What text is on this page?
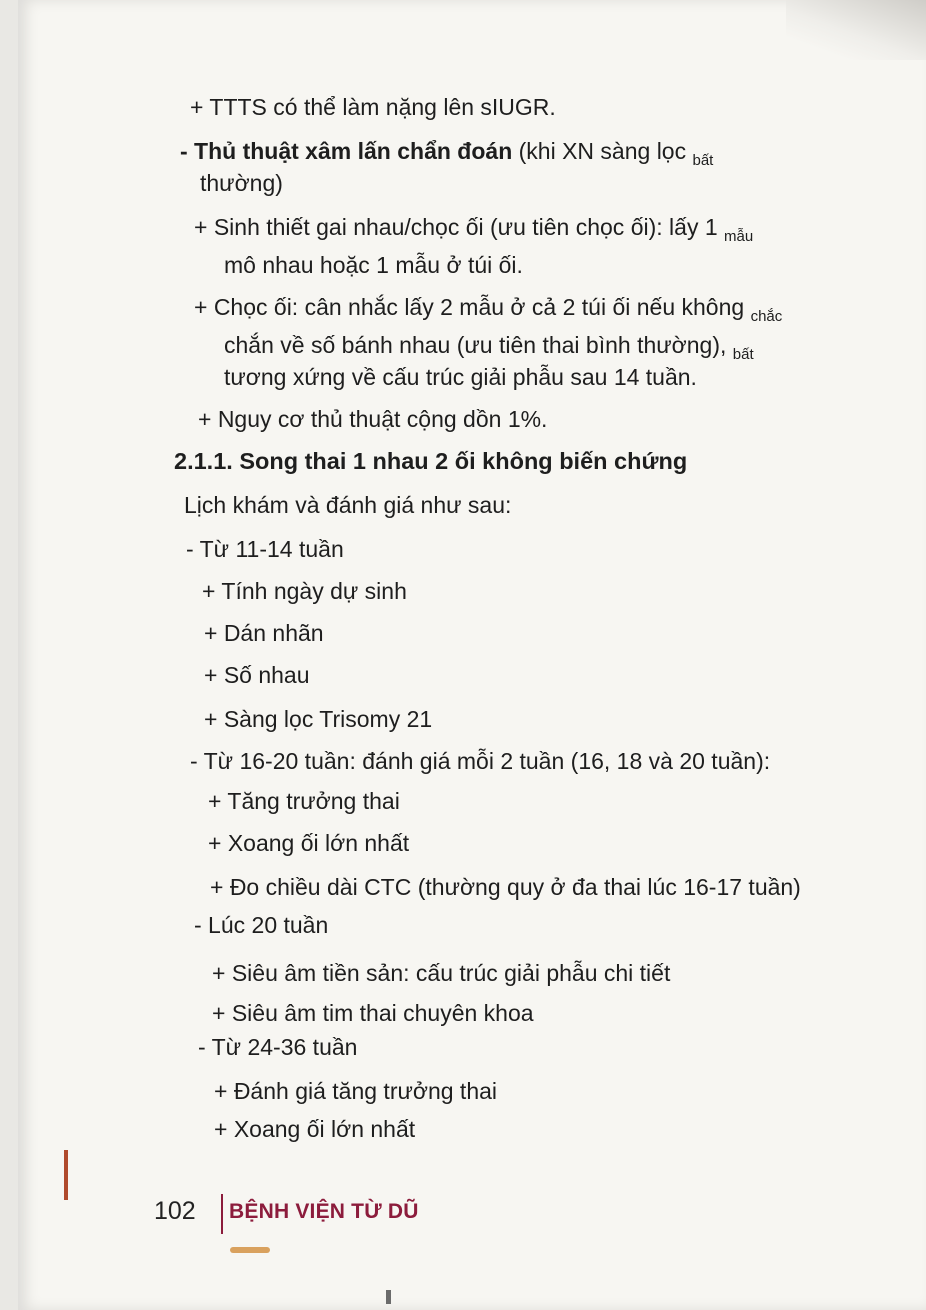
+ TTTS có thể làm nặng lên sIUGR.
- Thủ thuật xâm lấn chẩn đoán (khi XN sàng lọc $_{bất}$
thường)
+ Sinh thiết gai nhau/chọc ối (ưu tiên chọc ối): lấy 1 $_{mẫu}$
mô nhau hoặc 1 mẫu ở túi ối.
+ Chọc ối: cân nhắc lấy 2 mẫu ở cả 2 túi ối nếu không $_{chắc}$
chắn về số bánh nhau (ưu tiên thai bình thường), $_{bất}$
tương xứng về cấu trúc giải phẫu sau 14 tuần.
+ Nguy cơ thủ thuật cộng dồn 1%.
2.1.1. Song thai 1 nhau 2 ối không biến chứng
Lịch khám và đánh giá như sau:
- Từ 11-14 tuần
+ Tính ngày dự sinh
+ Dán nhãn
+ Số nhau
+ Sàng lọc Trisomy 21
- Từ 16-20 tuần: đánh giá mỗi 2 tuần (16, 18 và 20 tuần):
+ Tăng trưởng thai
+ Xoang ối lớn nhất
+ Đo chiều dài CTC (thường quy ở đa thai lúc 16-17 tuần)
- Lúc 20 tuần
+ Siêu âm tiền sản: cấu trúc giải phẫu chi tiết
+ Siêu âm tim thai chuyên khoa
- Từ 24-36 tuần
+ Đánh giá tăng trưởng thai
+ Xoang ối lớn nhất
102 BỆNH VIỆN TỪ DŨ
